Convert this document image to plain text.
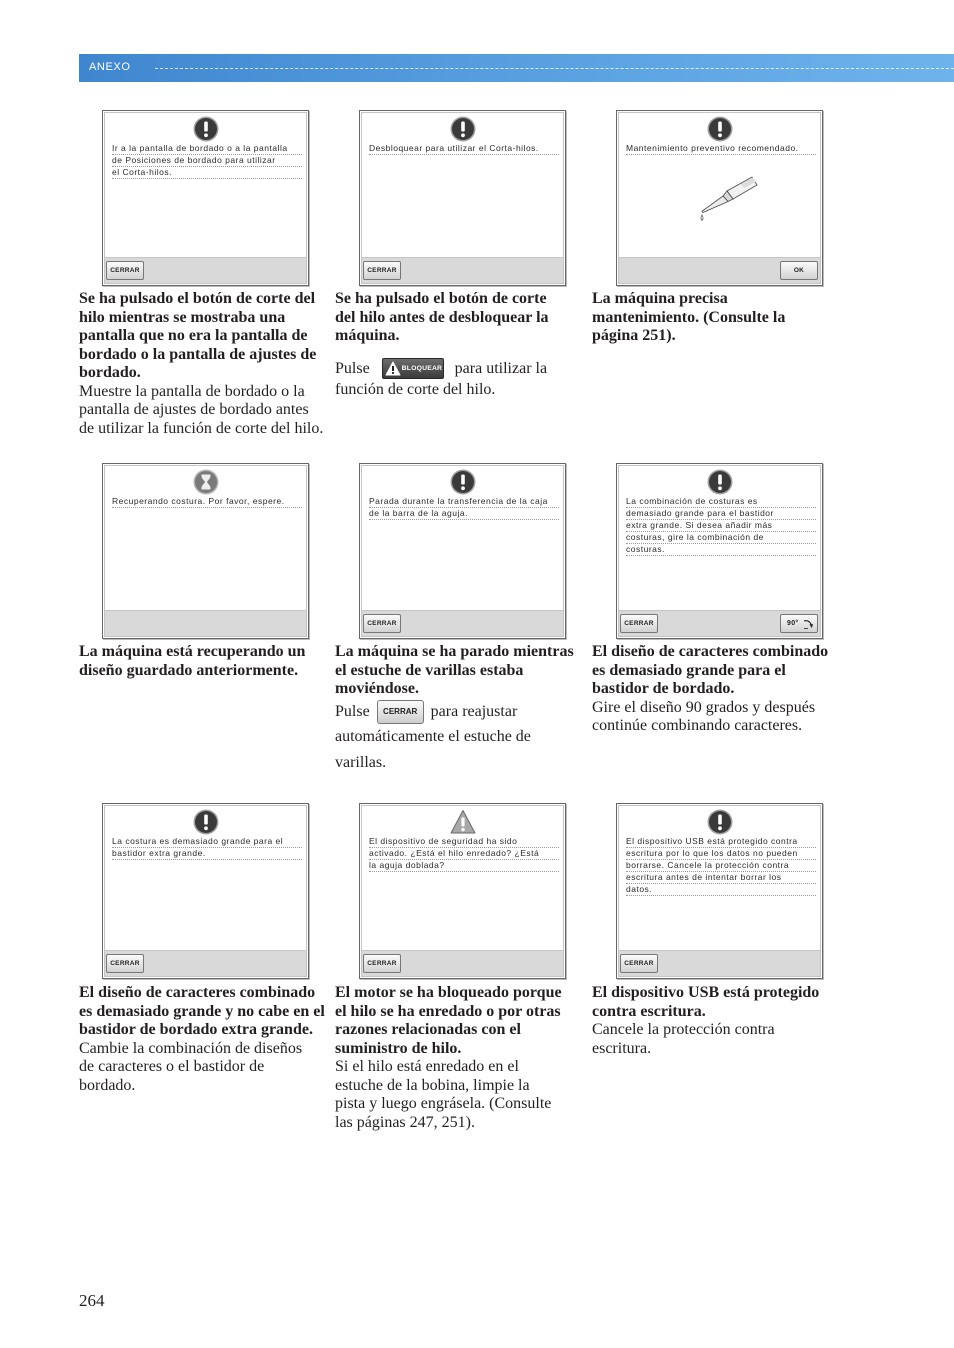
ANEXO
Ir a la pantalla de bordado o a la pantalla
de Posiciones de bordado para utilizar
el Corta-hilos.
CERRAR
Desbloquear para utilizar el Corta-hilos.
CERRAR
Mantenimiento preventivo recomendado.
OK
Se ha pulsado el botón de corte del
hilo mientras se mostraba una
pantalla que no era la pantalla de
bordado o la pantalla de ajustes de
bordado.
Muestre la pantalla de bordado o la
pantalla de ajustes de bordado antes
de utilizar la función de corte del hilo.
Se ha pulsado el botón de corte
del hilo antes de desbloquear la
máquina.
Pulse	BLOQUEAR para utilizar la
función de corte del hilo.
La máquina precisa
mantenimiento. (Consulte la
página 251).
Recuperando costura. Por favor, espere.	Parada durante la transferencia de la caja
de la barra de la aguja.
CERRAR
La combinación de costuras es
demasiado grande para el bastidor
extra grande. Si desea añadir más
costuras, gire la combinación de
costuras.
CERRAR	90°
La máquina está recuperando un
diseño guardado anteriormente.
La máquina se ha parado mientras
el estuche de varillas estaba
moviéndose.
Pulse CERRAR para reajustar
automáticamente el estuche de
varillas.
El diseño de caracteres combinado
es demasiado grande para el
bastidor de bordado.
Gire el diseño 90 grados y después
continúe combinando caracteres.
La costura es demasiado grande para el
bastidor extra grande.
CERRAR
El dispositivo de seguridad ha sido
activado. ¿Está el hilo enredado? ¿Está
la aguja doblada?
CERRAR
El dispositivo USB está protegido contra
escritura por lo que los datos no pueden
borrarse. Cancele la protección contra
escritura antes de intentar borrar los
datos.
CERRAR
El diseño de caracteres combinado
es demasiado grande y no cabe en el
bastidor de bordado extra grande.
Cambie la combinación de diseños
de caracteres o el bastidor de
bordado.
El motor se ha bloqueado porque
el hilo se ha enredado o por otras
razones relacionadas con el
suministro de hilo.
Si el hilo está enredado en el
estuche de la bobina, limpie la
pista y luego engrásela. (Consulte
las páginas 247, 251).
El dispositivo USB está protegido
contra escritura.
Cancele la protección contra
escritura.
264
